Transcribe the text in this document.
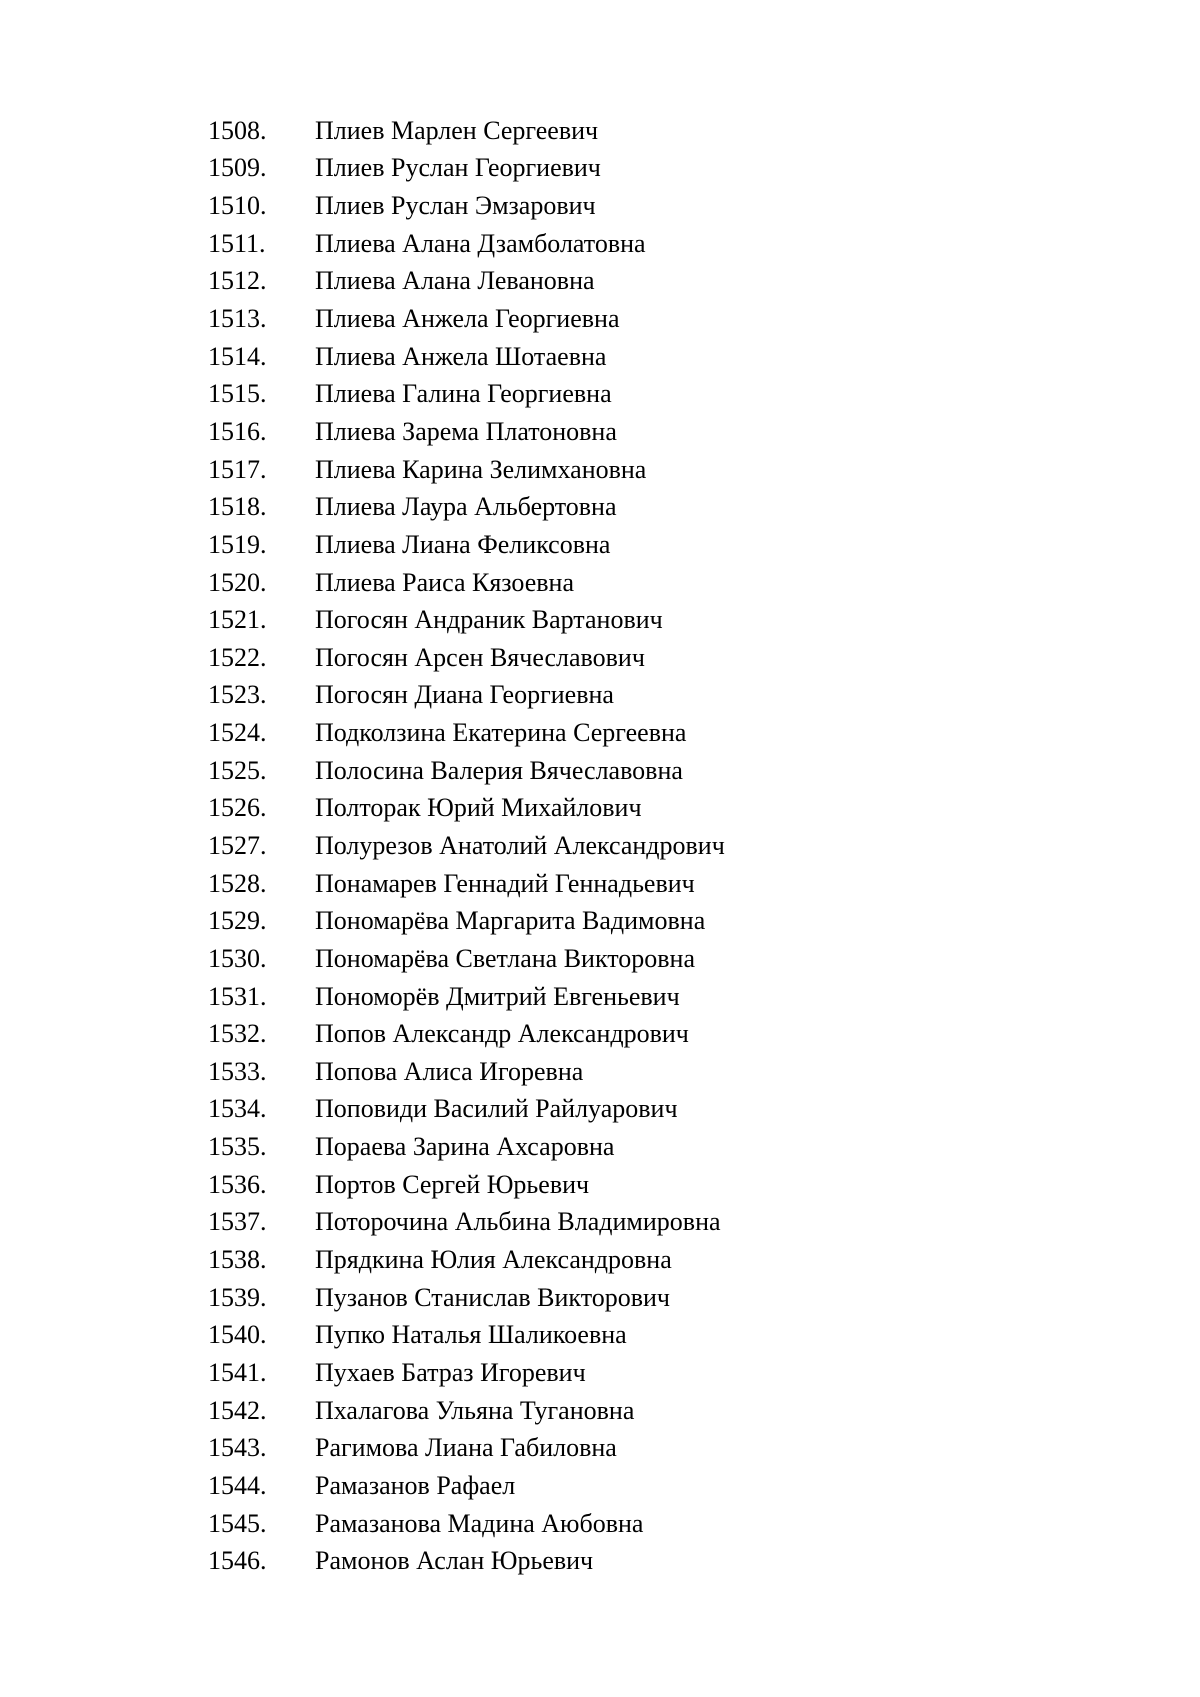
1508.	Плиев Марлен Сергеевич
1509.	Плиев Руслан Георгиевич
1510.	Плиев Руслан Эмзарович
1511.	Плиева Алана Дзамболатовна
1512.	Плиева Алана Левановна
1513.	Плиева Анжела Георгиевна
1514.	Плиева Анжела Шотаевна
1515.	Плиева Галина Георгиевна
1516.	Плиева Зарема Платоновна
1517.	Плиева Карина Зелимхановна
1518.	Плиева Лаура Альбертовна
1519.	Плиева Лиана Феликсовна
1520.	Плиева Раиса Кязоевна
1521.	Погосян Андраник Вартанович
1522.	Погосян Арсен Вячеславович
1523.	Погосян Диана Георгиевна
1524.	Подколзина Екатерина Сергеевна
1525.	Полосина Валерия Вячеславовна
1526.	Полторак Юрий Михайлович
1527.	Полурезов Анатолий Александрович
1528.	Понамарев Геннадий Геннадьевич
1529.	Пономарёва Маргарита Вадимовна
1530.	Пономарёва Светлана Викторовна
1531.	Пономорёв Дмитрий Евгеньевич
1532.	Попов Александр Александрович
1533.	Попова Алиса Игоревна
1534.	Поповиди Василий Райлуарович
1535.	Пораева Зарина Ахсаровна
1536.	Портов Сергей Юрьевич
1537.	Поторочина Альбина Владимировна
1538.	Прядкина Юлия Александровна
1539.	Пузанов Станислав Викторович
1540.	Пупко Наталья Шаликоевна
1541.	Пухаев Батраз Игоревич
1542.	Пхалагова Ульяна Тугановна
1543.	Рагимова Лиана Габиловна
1544.	Рамазанов Рафаел
1545.	Рамазанова Мадина Аюбовна
1546.	Рамонов Аслан Юрьевич
